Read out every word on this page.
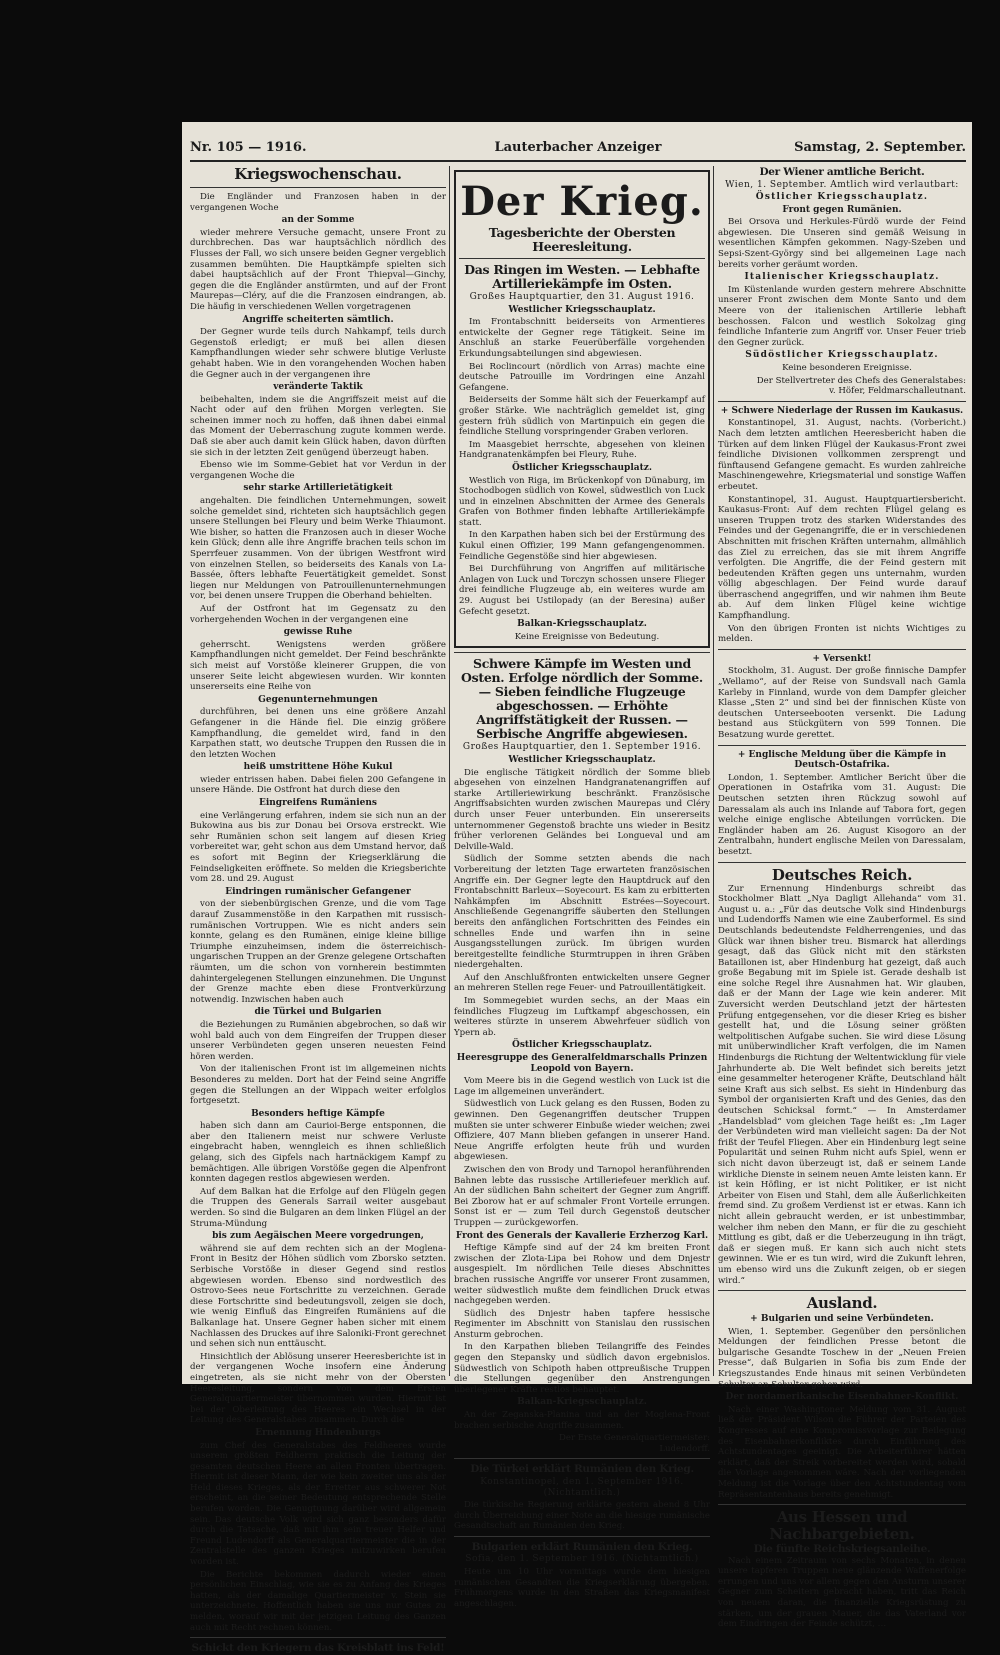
Nr. 105 — 1916.	Lauterbacher Anzeiger	Samstag, 2. September.
Kriegswochenschau.

Die Engländer und Franzosen haben in der vergangenen Woche

an der Somme

wieder mehrere Versuche gemacht, unsere Front zu durchbrechen. Das war hauptsächlich nördlich des Flusses der Fall, wo sich unsere beiden Gegner vergeblich zusammen bemühten. Die Hauptkämpfe spielten sich dabei hauptsächlich auf der Front Thiepval—Ginchy, gegen die die Engländer anstürmten, und auf der Front Maurepas—Cléry, auf die die Franzosen eindrangen, ab. Die häufig in verschiedenen Wellen vorgetragenen

Angriffe scheiterten sämtlich.

Der Gegner wurde teils durch Nahkampf, teils durch Gegenstoß erledigt; er muß bei allen diesen Kampfhandlungen wieder sehr schwere blutige Verluste gehabt haben. Wie in den vorangehenden Wochen haben die Gegner auch in der vergangenen ihre

veränderte Taktik

beibehalten, indem sie die Angriffszeit meist auf die Nacht oder auf den frühen Morgen verlegten. Sie scheinen immer noch zu hoffen, daß ihnen dabei einmal das Moment der Ueberraschung zugute kommen werde. Daß sie aber auch damit kein Glück haben, davon dürften sie sich in der letzten Zeit genügend überzeugt haben.

Ebenso wie im Somme-Gebiet hat vor Verdun in der vergangenen Woche die

sehr starke Artillerietätigkeit

angehalten. Die feindlichen Unternehmungen, soweit solche gemeldet sind, richteten sich hauptsächlich gegen unsere Stellungen bei Fleury und beim Werke Thiaumont. Wie bisher, so hatten die Franzosen auch in dieser Woche kein Glück; denn alle ihre Angriffe brachen teils schon im Sperrfeuer zusammen. Von der übrigen Westfront wird von einzelnen Stellen, so beiderseits des Kanals von La-Bassée, öfters lebhafte Feuertätigkeit gemeldet. Sonst liegen nur Meldungen von Patrouillenunternehmungen vor, bei denen unsere Truppen die Oberhand behielten.

Auf der Ostfront hat im Gegensatz zu den vorhergehenden Wochen in der vergangenen eine

gewisse Ruhe

geherrscht. Wenigstens werden größere Kampfhandlungen nicht gemeldet. Der Feind beschränkte sich meist auf Vorstöße kleinerer Gruppen, die von unserer Seite leicht abgewiesen wurden. Wir konnten unsererseits eine Reihe von

Gegenunternehmungen

durchführen, bei denen uns eine größere Anzahl Gefangener in die Hände fiel. Die einzig größere Kampfhandlung, die gemeldet wird, fand in den Karpathen statt, wo deutsche Truppen den Russen die in den letzten Wochen

heiß umstrittene Höhe Kukul

wieder entrissen haben. Dabei fielen 200 Gefangene in unsere Hände. Die Ostfront hat durch diese den

Eingreifens Rumäniens

eine Verlängerung erfahren, indem sie sich nun an der Bukowina aus bis zur Donau bei Orsova erstreckt. Wie sehr Rumänien schon seit langem auf diesen Krieg vorbereitet war, geht schon aus dem Umstand hervor, daß es sofort mit Beginn der Kriegserklärung die Feindseligkeiten eröffnete. So melden die Kriegsberichte vom 28. und 29. August

Eindringen rumänischer Gefangener

von der siebenbürgischen Grenze, und die vom Tage darauf Zusammenstöße in den Karpathen mit russisch-rumänischen Vortruppen. Wie es nicht anders sein konnte, gelang es den Rumänen, einige kleine billige Triumphe einzuheimsen, indem die österreichisch-ungarischen Truppen an der Grenze gelegene Ortschaften räumten, um die schon von vornherein bestimmten dahintergelegenen Stellungen einzunehmen. Die Ungunst der Grenze machte eben diese Frontverkürzung notwendig. Inzwischen haben auch

die Türkei und Bulgarien

die Beziehungen zu Rumänien abgebrochen, so daß wir wohl bald auch von dem Eingreifen der Truppen dieser unserer Verbündeten gegen unseren neuesten Feind hören werden.

Von der italienischen Front ist im allgemeinen nichts Besonderes zu melden. Dort hat der Feind seine Angriffe gegen die Stellungen an der Wippach weiter erfolglos fortgesetzt.

Besonders heftige Kämpfe

haben sich dann am Caurioi-Berge entsponnen, die aber den Italienern meist nur schwere Verluste eingebracht haben, wenngleich es ihnen schließlich gelang, sich des Gipfels nach hartnäckigem Kampf zu bemächtigen. Alle übrigen Vorstöße gegen die Alpenfront konnten dagegen restlos abgewiesen werden.

Auf dem Balkan hat die Erfolge auf den Flügeln gegen die Truppen des Generals Sarrail weiter ausgebaut werden. So sind die Bulgaren an dem linken Flügel an der Struma-Mündung

bis zum Aegäischen Meere vorgedrungen,

während sie auf dem rechten sich an der Moglena-Front in Besitz der Höhen südlich vom Zborsko setzten. Serbische Vorstöße in dieser Gegend sind restlos abgewiesen worden. Ebenso sind nordwestlich des Ostrovo-Sees neue Fortschritte zu verzeichnen. Gerade diese Fortschritte sind bedeutungsvoll, zeigen sie doch, wie wenig Einfluß das Eingreifen Rumäniens auf die Balkanlage hat. Unsere Gegner haben sicher mit einem Nachlassen des Druckes auf ihre Saloniki-Front gerechnet und sehen sich nun enttäuscht.

Hinsichtlich der Ablösung unserer Heeresberichte ist in der vergangenen Woche insofern eine Änderung eingetreten, als sie nicht mehr von der Obersten Heeresleitung, sondern von dem Ersten Generalquartiermeister übernommen wurden. Hiermit ist bei der Oberleitung des Heeres ein Wechsel in der Leitung des Generalstabes zusammen. Durch die

Ernennung Hindenburgs

zum Chef des Generalstabes des Feldheeres wurde unserem größten Feldherrn praktisch die Leitung der gesamten deutschen Heere an allen Fronten übertragen. Hiermit ist dieser Mann, der wie kein zweiter uns als der Held dieses Krieges, als der Erretter aus schwerer Not erscheint, an die seiner Bedeutung entsprechende Stelle berufen worden. Die Genugtuung darüber wird allgemein sein. Das deutsche Volk wird sich ganz besonders dafür durch die Tatsache, daß mit ihm sein treuer Helfer und Freund Ludendorff als Generalquartiermeister die in der Zentralstelle des ganzen Krieges mitzuwirken berufen worden ist.

Die Berichte bekommen dadurch wieder einen persönlichen Einschlag, wie sie es zu Anfang des Krieges hatten, als der damalige Quartiermeister v. Stein sie unterzeichnete. Hoffentlich haben sie uns nur Gutes zu melden, worauf wir mit der jetzigen Leitung des Ganzen auch mit Recht rechnen können.

Schickt den Kriegern das Kreisblatt ins Feld!
Der Krieg.
Tagesberichte der Obersten Heeresleitung.
Das Ringen im Westen. — Lebhafte Artilleriekämpfe im Osten.
Großes Hauptquartier, den 31. August 1916.
Westlicher Kriegsschauplatz.

Im Frontabschnitt beiderseits von Armentieres entwickelte der Gegner rege Tätigkeit. Seine im Anschluß an starke Feuerüberfälle vorgehenden Erkundungsabteilungen sind abgewiesen.

Bei Roclincourt (nördlich von Arras) machte eine deutsche Patrouille im Vordringen eine Anzahl Gefangene.

Beiderseits der Somme hält sich der Feuerkampf auf großer Stärke. Wie nachträglich gemeldet ist, ging gestern früh südlich von Martinpuich ein gegen die feindliche Stellung vorspringender Graben verloren.

Im Maasgebiet herrschte, abgesehen von kleinen Handgranatenkämpfen bei Fleury, Ruhe.

Östlicher Kriegsschauplatz.

Westlich von Riga, im Brückenkopf von Dünaburg, im Stochodbogen südlich von Kowel, südwestlich von Luck und in einzelnen Abschnitten der Armee des Generals Grafen von Bothmer finden lebhafte Artilleriekämpfe statt.

In den Karpathen haben sich bei der Erstürmung des Kukul einen Offizier, 199 Mann gefangengenommen. Feindliche Gegenstöße sind hier abgewiesen.

Bei Durchführung von Angriffen auf militärische Anlagen von Luck und Torczyn schossen unsere Flieger drei feindliche Flugzeuge ab, ein weiteres wurde am 29. August bei Ustilopady (an der Beresina) außer Gefecht gesetzt.

Balkan-Kriegsschauplatz.

Keine Ereignisse von Bedeutung.

Schwere Kämpfe im Westen und Osten. Erfolge nördlich der Somme. — Sieben feindliche Flugzeuge abgeschossen. — Erhöhte Angriffstätigkeit der Russen. — Serbische Angriffe abgewiesen.
Großes Hauptquartier, den 1. September 1916.
Westlicher Kriegsschauplatz.

Die englische Tätigkeit nördlich der Somme blieb abgesehen von einzelnen Handgranatenangriffen auf starke Artilleriewirkung beschränkt. Französische Angriffsabsichten wurden zwischen Maurepas und Cléry durch unser Feuer unterbunden. Ein unsererseits unternommener Gegenstoß brachte uns wieder in Besitz früher verlorenen Geländes bei Longueval und am Delville-Wald.

Südlich der Somme setzten abends die nach Vorbereitung der letzten Tage erwarteten französischen Angriffe ein. Der Gegner legte den Hauptdruck auf den Frontabschnitt Barleux—Soyecourt. Es kam zu erbitterten Nahkämpfen im Abschnitt Estrées—Soyecourt. Anschließende Gegenangriffe säuberten den Stellungen bereits den anfänglichen Fortschritten des Feindes ein schnelles Ende und warfen ihn in seine Ausgangsstellungen zurück. Im übrigen wurden bereitgestellte feindliche Sturmtruppen in ihren Gräben niedergehalten.

Auf den Anschlußfronten entwickelten unsere Gegner an mehreren Stellen rege Feuer- und Patrouillentätigkeit.

Im Sommegebiet wurden sechs, an der Maas ein feindliches Flugzeug im Luftkampf abgeschossen, ein weiteres stürzte in unserem Abwehrfeuer südlich von Ypern ab.

Östlicher Kriegsschauplatz.
Heeresgruppe des Generalfeldmarschalls Prinzen Leopold von Bayern.

Vom Meere bis in die Gegend westlich von Luck ist die Lage im allgemeinen unverändert.

Südwestlich von Luck gelang es den Russen, Boden zu gewinnen. Den Gegenangriffen deutscher Truppen mußten sie unter schwerer Einbuße wieder weichen; zwei Offiziere, 407 Mann blieben gefangen in unserer Hand. Neue Angriffe erfolgten heute früh und wurden abgewiesen.

Zwischen den von Brody und Tarnopol heranführenden Bahnen lebte das russische Artilleriefeuer merklich auf. An der südlichen Bahn scheitert der Gegner zum Angriff. Bei Zborow hat er auf schmaler Front Vorteile errungen. Sonst ist er — zum Teil durch Gegenstoß deutscher Truppen — zurückgeworfen.

Front des Generals der Kavallerie Erzherzog Karl.

Heftige Kämpfe sind auf der 24 km breiten Front zwischen der Zlota-Lipa bei Rohow und dem Dnjestr ausgespielt. Im nördlichen Teile dieses Abschnittes brachen russische Angriffe vor unserer Front zusammen, weiter südwestlich mußte dem feindlichen Druck etwas nachgegeben werden.

Südlich des Dnjestr haben tapfere hessische Regimenter im Abschnitt von Stanislau den russischen Ansturm gebrochen.

In den Karpathen blieben Teilangriffe des Feindes gegen den Stepansky und südlich davon ergebnislos. Südwestlich von Schipoth haben ottpreußische Truppen die Stellungen gegenüber den Anstrengungen überlegener Kräfte restlos behauptet.

Balkan-Kriegsschauplatz.

An der Zeganska-Planina und an der Moglena-Front brachen serbische Angriffe zusammen.

Der Erste Generalquartiermeister:
Ludendorff.
Die Türkei erklärt Rumänien den Krieg.
Konstantinopel, den 1. September 1916. (Nichtamtlich.)

Die türkische Regierung erklärte gestern abend 8 Uhr durch Überreichung einer Note an die hiesige rumänische Gesandtschaft an Rumänien den Krieg.

Bulgarien erklärt Rumänien den Krieg.
Sofia, den 1. September 1916. (Nichtamtlich.)

Heute um 10 Uhr vormittags wurde dem hiesigen rumänischen Gesandten die Kriegserklärung übergeben. Frühmorgens wurde in den Straßen das Kriegsmanifest angeschlagen.

Der Wiener amtliche Bericht.
Wien, 1. September. Amtlich wird verlautbart:
Östlicher Kriegsschauplatz.
Front gegen Rumänien.

Bei Orsova und Herkules-Fürdö wurde der Feind abgewiesen. Die Unseren sind gemäß Weisung in wesentlichen Kämpfen gekommen. Nagy-Szeben und Sepsi-Szent-György sind bei allgemeinen Lage nach bereits vorher geräumt worden.

Italienischer Kriegsschauplatz.

Im Küstenlande wurden gestern mehrere Abschnitte unserer Front zwischen dem Monte Santo und dem Meere von der italienischen Artillerie lebhaft beschossen. Falcon und westlich Sokolzag ging feindliche Infanterie zum Angriff vor. Unser Feuer trieb den Gegner zurück.

Südöstlicher Kriegsschauplatz.

Keine besonderen Ereignisse.

Der Stellvertreter des Chefs des Generalstabes:
v. Höfer, Feldmarschalleutnant.
+ Schwere Niederlage der Russen im Kaukasus.

Konstantinopel, 31. August, nachts. (Vorbericht.) Nach dem letzten amtlichen Heeresbericht haben die Türken auf dem linken Flügel der Kaukasus-Front zwei feindliche Divisionen vollkommen zersprengt und fünftausend Gefangene gemacht. Es wurden zahlreiche Maschinengewehre, Kriegsmaterial und sonstige Waffen erbeutet.

Konstantinopel, 31. August. Hauptquartiersbericht. Kaukasus-Front: Auf dem rechten Flügel gelang es unseren Truppen trotz des starken Widerstandes des Feindes und der Gegenangriffe, die er in verschiedenen Abschnitten mit frischen Kräften unternahm, allmählich das Ziel zu erreichen, das sie mit ihrem Angriffe verfolgten. Die Angriffe, die der Feind gestern mit bedeutenden Kräften gegen uns unternahm, wurden völlig abgeschlagen. Der Feind wurde darauf überraschend angegriffen, und wir nahmen ihm Beute ab. Auf dem linken Flügel keine wichtige Kampfhandlung.

Von den übrigen Fronten ist nichts Wichtiges zu melden.

+ Versenkt!

Stockholm, 31. August. Der große finnische Dampfer „Wellamo“, auf der Reise von Sundsvall nach Gamla Karleby in Finnland, wurde von dem Dampfer gleicher Klasse „Sten 2“ und sind bei der finnischen Küste von deutschen Unterseebooten versenkt. Die Ladung bestand aus Stückgütern von 599 Tonnen. Die Besatzung wurde gerettet.

+ Englische Meldung über die Kämpfe in Deutsch-Ostafrika.

London, 1. September. Amtlicher Bericht über die Operationen in Ostafrika vom 31. August: Die Deutschen setzten ihren Rückzug sowohl auf Daressalam als auch ins Inlande auf Tabora fort, gegen welche einige englische Abteilungen vorrücken. Die Engländer haben am 26. August Kisogoro an der Zentralbahn, hundert englische Meilen von Daressalam, besetzt.

Deutsches Reich.

Zur Ernennung Hindenburgs schreibt das Stockholmer Blatt „Nya Dagligt Allehanda“ vom 31. August u. a.: „Für das deutsche Volk sind Hindenburgs und Ludendorffs Namen wie eine Zauberformel. Es sind Deutschlands bedeutendste Feldherrengenies, und das Glück war ihnen bisher treu. Bismarck hat allerdings gesagt, daß das Glück nicht mit den stärksten Bataillonen ist, aber Hindenburg hat gezeigt, daß auch große Begabung mit im Spiele ist. Gerade deshalb ist eine solche Regel ihre Ausnahmen hat. Wir glauben, daß er der Mann der Lage wie kein anderer. Mit Zuversicht werden Deutschland jetzt der härtesten Prüfung entgegensehen, vor die dieser Krieg es bisher gestellt hat, und die Lösung seiner größten weltpolitischen Aufgabe suchen. Sie wird diese Lösung mit unüberwindlicher Kraft verfolgen, die im Namen Hindenburgs die Richtung der Weltentwicklung für viele Jahrhunderte ab. Die Welt befindet sich bereits jetzt eine gesammelter heterogener Kräfte, Deutschland hält seine Kraft aus sich selbst. Es sieht in Hindenburg das Symbol der organisierten Kraft und des Genies, das den deutschen Schicksal formt.“ — In Amsterdamer „Handelsblad“ vom gleichen Tage heißt es: „Im Lager der Verbündeten wird man vielleicht sagen: Da der Not frißt der Teufel Fliegen. Aber ein Hindenburg legt seine Popularität und seinen Ruhm nicht aufs Spiel, wenn er sich nicht davon überzeugt ist, daß er seinem Lande wirkliche Dienste in seinem neuen Amte leisten kann. Er ist kein Höfling, er ist nicht Politiker, er ist nicht Arbeiter von Eisen und Stahl, dem alle Äußerlichkeiten fremd sind. Zu großem Verdienst ist er etwas. Kann ich nicht allein gebraucht werden, er ist unbestimmbar, welcher ihm neben den Mann, er für die zu geschieht Mittlung es gibt, daß er die Ueberzeugung in ihn trägt, daß er siegen muß. Er kann sich auch nicht stets gewinnen. Wie er es tun wird, wird die Zukunft lehren, um ebenso wird uns die Zukunft zeigen, ob er siegen wird.“

Ausland.
+ Bulgarien und seine Verbündeten.

Wien, 1. September. Gegenüber den persönlichen Meldungen der feindlichen Presse betont die bulgarische Gesandte Toschew in der „Neuen Freien Presse“, daß Bulgarien in Sofia bis zum Ende der Kriegszustandes Ende hinaus mit seinen Verbündeten Schulter an Schulter gehen wird.

Der nordamerikanische Eisenbahner-Konflikt.

Nach einer Washingtoner Meldung vom 31. August ließ der Präsident Wilson die Führer der Parteien des Kongresses auf eine Kompromissvorlage zur Beilegung des Eisenbahnerkonfliktes durch Einführung des Achtstundentages geeinigt. Die Arbeiterführer hätten erklärt, daß der Streik vorbereitet werden wird, sobald die Vorlage angenommen wäre. Nach der vorliegenden Meldung ist die Vorlage über den Achtstundentag vom Repräsentantenhaus bereits genehmigt.

Aus Hessen und Nachbargebieten.
Die fünfte Reichskriegsanleihe.

Nach einem Zeitraum von sechs Monaten, in denen unsere tapferen Truppen neue glänzende Waffenerfolge errungen und uns vor allem gegen den Ansturm unserer Gegner zum Scheitern gebracht haben, tritt das Reich von neuem daran, die finanzielle Kriegsrüstung zu stärken, um der grauen Mauer, die das Vaterland vor dem Eindringen der Feinde schützt, …
